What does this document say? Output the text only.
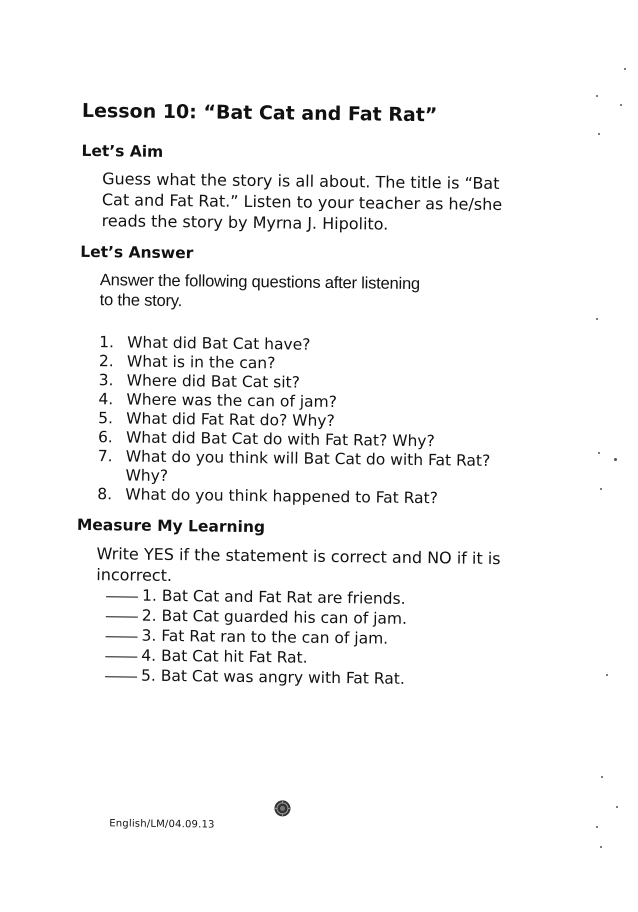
Lesson 10: “Bat Cat and Fat Rat”
Let’s Aim

Guess what the story is all about. The title is “Bat
Cat and Fat Rat.” Listen to your teacher as he/she
reads the story by Myrna J. Hipolito.

Let’s Answer

Answer the following questions after listening
to the story.

1. What did Bat Cat have?
2. What is in the can?
3. Where did Bat Cat sit?
4. Where was the can of jam?
5. What did Fat Rat do? Why?
6. What did Bat Cat do with Fat Rat? Why?
7. What do you think will Bat Cat do with Fat Rat?
Why?
8. What do you think happened to Fat Rat?
Measure My Learning

Write YES if the statement is correct and NO if it is
incorrect.

1. Bat Cat and Fat Rat are friends.
2. Bat Cat guarded his can of jam.
3. Fat Rat ran to the can of jam.
4. Bat Cat hit Fat Rat.
5. Bat Cat was angry with Fat Rat.
English/LM/04.09.13
